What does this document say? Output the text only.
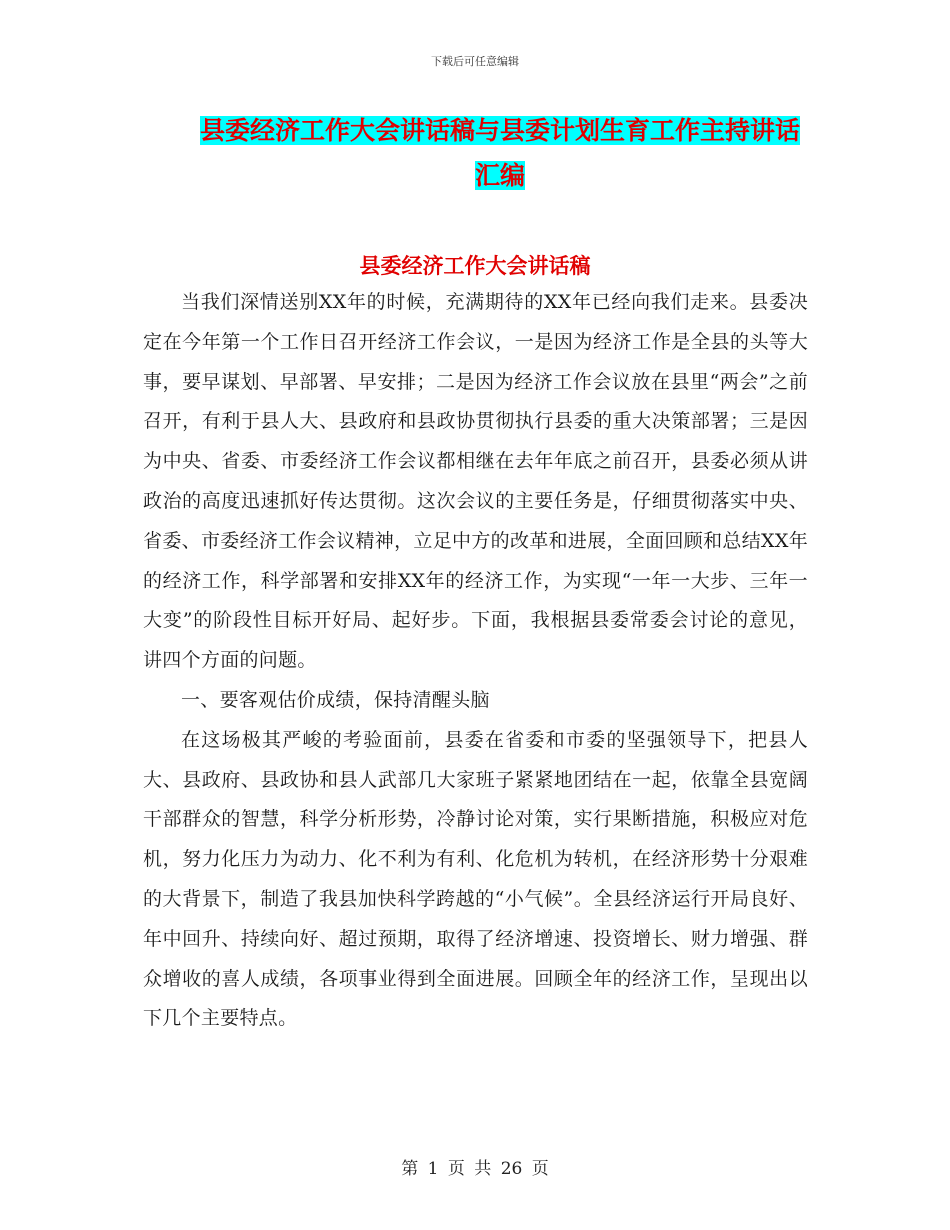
下载后可任意编辑
县委经济工作大会讲话稿与县委计划生育工作主持讲话汇编
县委经济工作大会讲话稿

当我们深情送别XX年的时候，充满期待的XX年已经向我们走来。县委决定在今年第一个工作日召开经济工作会议，一是因为经济工作是全县的头等大事，要早谋划、早部署、早安排；二是因为经济工作会议放在县里“两会”之前召开，有利于县人大、县政府和县政协贯彻执行县委的重大决策部署；三是因为中央、省委、市委经济工作会议都相继在去年年底之前召开，县委必须从讲政治的高度迅速抓好传达贯彻。这次会议的主要任务是，仔细贯彻落实中央、省委、市委经济工作会议精神，立足中方的改革和进展，全面回顾和总结XX年的经济工作，科学部署和安排XX年的经济工作，为实现“一年一大步、三年一大变”的阶段性目标开好局、起好步。下面，我根据县委常委会讨论的意见，讲四个方面的问题。

一、要客观估价成绩，保持清醒头脑

在这场极其严峻的考验面前，县委在省委和市委的坚强领导下，把县人大、县政府、县政协和县人武部几大家班子紧紧地团结在一起，依靠全县宽阔干部群众的智慧，科学分析形势，冷静讨论对策，实行果断措施，积极应对危机，努力化压力为动力、化不利为有利、化危机为转机，在经济形势十分艰难的大背景下，制造了我县加快科学跨越的“小气候”。全县经济运行开局良好、年中回升、持续向好、超过预期，取得了经济增速、投资增长、财力增强、群众增收的喜人成绩，各项事业得到全面进展。回顾全年的经济工作，呈现出以下几个主要特点。

第 1 页 共 26 页
